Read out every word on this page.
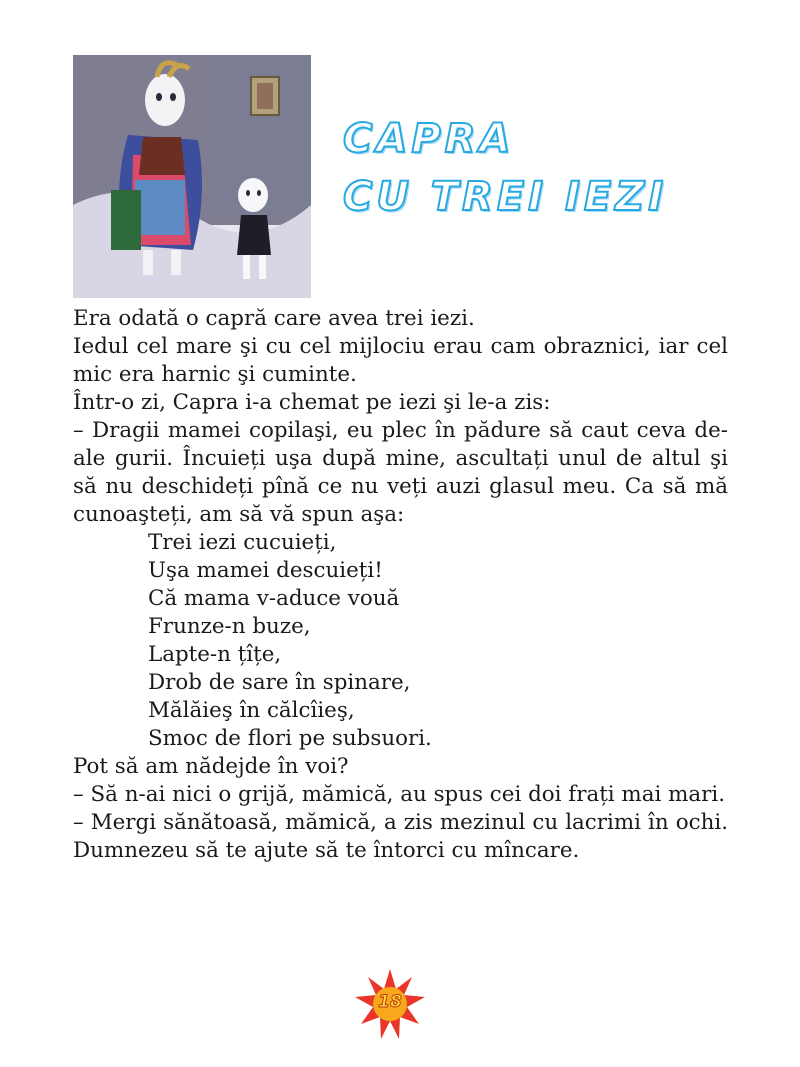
CAPRA
CU TREI IEZI
Era odată o capră care avea trei iezi.
Iedul cel mare şi cu cel mijlociu erau cam obraznici, iar cel mic era harnic şi cuminte.
Într-o zi, Capra i-a chemat pe iezi şi le-a zis:
– Dragii mamei copilaşi, eu plec în pădure să caut ceva de-ale gurii. Încuieți uşa după mine, ascultați unul de altul şi să nu deschideți pînă ce nu veți auzi glasul meu. Ca să mă cunoaşteți, am să vă spun aşa:
Trei iezi cucuieți,
Uşa mamei descuieți!
Că mama v-aduce vouă
Frunze-n buze,
Lapte-n țîțe,
Drob de sare în spinare,
Mălăieş în călcîieş,
Smoc de flori pe subsuori.
Pot să am nădejde în voi?
– Să n-ai nici o grijă, mămică, au spus cei doi frați mai mari.
– Mergi sănătoasă, mămică, a zis mezinul cu lacrimi în ochi. Dumnezeu să te ajute să te întorci cu mîncare.
18
